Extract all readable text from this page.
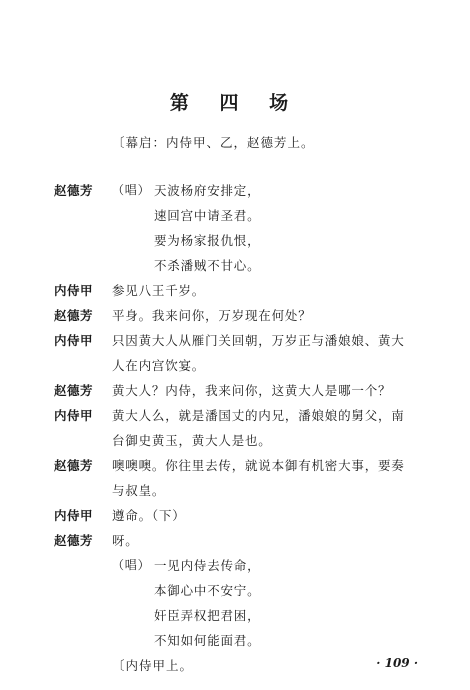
第 四 场
〔幕启：内侍甲、乙，赵德芳上。
赵德芳	（唱） 天波杨府安排定，
速回宫中请圣君。
要为杨家报仇恨，
不杀潘贼不甘心。
内侍甲	参见八王千岁。
赵德芳	平身。我来问你，万岁现在何处？
内侍甲	只因黄大人从雁门关回朝，万岁正与潘娘娘、黄大
人在内宫饮宴。
赵德芳	黄大人？内侍，我来问你，这黄大人是哪一个？
内侍甲	黄大人么，就是潘国丈的内兄，潘娘娘的舅父，南
台御史黄玉，黄大人是也。
赵德芳	噢噢噢。你往里去传，就说本御有机密大事，要奏
与叔皇。
内侍甲	遵命。（下）
赵德芳	呀。
（唱） 一见内侍去传命，
本御心中不安宁。
奸臣弄权把君困，
不知如何能面君。
〔内侍甲上。	· 109 ·
